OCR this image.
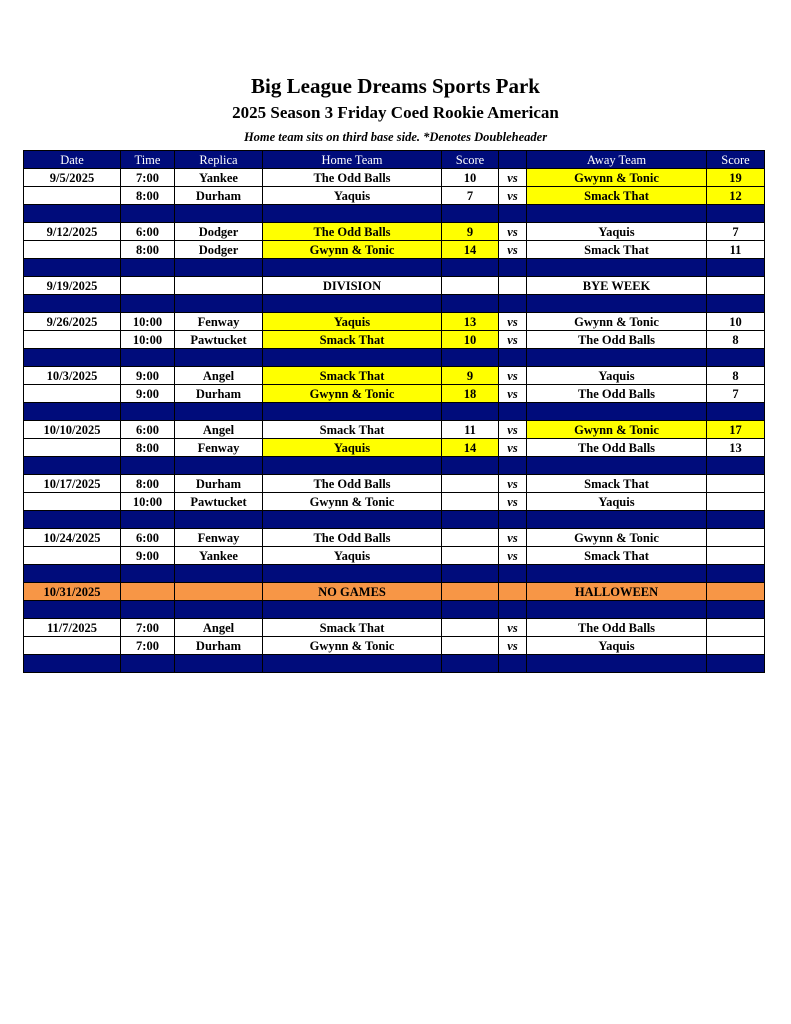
Big League Dreams Sports Park
2025 Season 3 Friday Coed Rookie American
Home team sits on third base side. *Denotes Doubleheader
Date	Time	Replica	Home Team	Score		Away Team	Score
9/5/2025	7:00	Yankee	The Odd Balls	10	vs	Gwynn & Tonic	19
	8:00	Durham	Yaquis	7	vs	Smack That	12

9/12/2025	6:00	Dodger	The Odd Balls	9	vs	Yaquis	7
	8:00	Dodger	Gwynn & Tonic	14	vs	Smack That	11

9/19/2025			DIVISION			BYE WEEK	

9/26/2025	10:00	Fenway	Yaquis	13	vs	Gwynn & Tonic	10
	10:00	Pawtucket	Smack That	10	vs	The Odd Balls	8

10/3/2025	9:00	Angel	Smack That	9	vs	Yaquis	8
	9:00	Durham	Gwynn & Tonic	18	vs	The Odd Balls	7

10/10/2025	6:00	Angel	Smack That	11	vs	Gwynn & Tonic	17
	8:00	Fenway	Yaquis	14	vs	The Odd Balls	13

10/17/2025	8:00	Durham	The Odd Balls		vs	Smack That	
	10:00	Pawtucket	Gwynn & Tonic		vs	Yaquis	

10/24/2025	6:00	Fenway	The Odd Balls		vs	Gwynn & Tonic	
	9:00	Yankee	Yaquis		vs	Smack That	

10/31/2025			NO GAMES			HALLOWEEN	

11/7/2025	7:00	Angel	Smack That		vs	The Odd Balls	
	7:00	Durham	Gwynn & Tonic		vs	Yaquis	
